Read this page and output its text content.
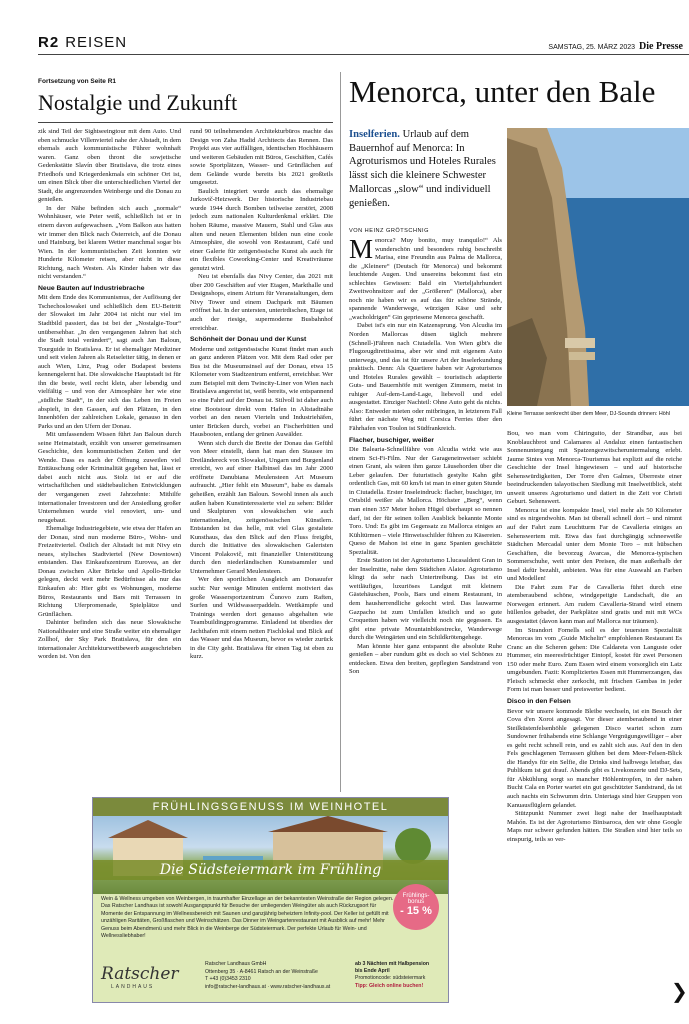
R2 REISEN	SAMSTAG, 25. MÄRZ 2023 Die Presse
Fortsetzung von Seite R1
Nostalgie und Zukunft

zik sind Teil der Sightseeingtour mit dem Auto. Und eben schmucke Villenviertel nahe der Altstadt, in dem ehemals auch kommunistische Führer wohnhaft waren. Ganz oben thront die sowjetische Gedenkstätte Slavín über Bratislava, die trotz eines Friedhofs und Kriegerdenkmals ein schöner Ort ist, um einen Blick über die unterschiedlichen Viertel der Stadt, die angrenzenden Weinberge und die Donau zu genießen.

In der Nähe befinden sich auch „normale“ Wohnhäuser, wie Peter weiß, schließlich ist er in einem davon aufgewachsen. „Vom Balkon aus hatten wir immer den Blick nach Österreich, auf die Donau und Hainburg, bei klarem Wetter manchmal sogar bis Wien. In der kommunistischen Zeit konnten wir Hunderte Kilometer reisen, aber nicht in diese Richtung, nach Westen. Als Kinder haben wir das nicht verstanden.“

Neue Bauten auf Industriebrache

Mit dem Ende des Kommunismus, der Auflösung der Tschechoslowakei und schließlich dem EU-Beitritt der Slowakei im Jahr 2004 ist nicht nur viel im Stadtbild passiert, das ist bei der „Nostalgie-Tour“ unübersehbar. „In den vergangenen Jahren hat sich die Stadt total verändert“, sagt auch Jan Baloun, Tourguide in Bratislava. Er ist ehemaliger Mediziner und seit vielen Jahren als Reiseleiter tätig, in denen er auch Wien, Linz, Prag oder Budapest bestens kennengelernt hat. Die slowakische Hauptstadt ist für ihn die beste, weil recht klein, aber lebendig und vielfältig – und von der Atmosphäre her wie eine „südliche Stadt“, in der sich das Leben im Freien abspielt, in den Gassen, auf den Plätzen, in den Innenhöfen der zahlreichen Lokale, genauso in den Parks und an den Ufern der Donau.

Mit umfassendem Wissen führt Jan Baloun durch seine Heimatstadt, erzählt von unserer gemeinsamen Geschichte, den kommunistischen Zeiten und der Wende. Dass es nach der Öffnung zuweilen viel Enttäuschung oder Kriminalität gegeben hat, lässt er dabei auch nicht aus. Stolz ist er auf die wirtschaftlichen und städtebaulichen Entwicklungen der vergangenen zwei Jahrzehnte: Mithilfe internationaler Investoren und der Ansiedlung großer Unternehmen wurde viel renoviert, um- und neugebaut.

Ehemalige Industriegebiete, wie etwa der Hafen an der Donau, sind nun moderne Büro-, Wohn- und Freizeitviertel. Östlich der Altstadt ist mit Nivy ein neues, stylisches Stadtviertel (New Downtown) entstanden. Das Einkaufszentrum Eurovea, an der Donau zwischen Alter Brücke und Apollo-Brücke gelegen, deckt weit mehr Bedürfnisse als nur das Einkaufen ab: Hier gibt es Wohnungen, moderne Büros, Restaurants und Bars mit Terrassen in Richtung Uferpromenade, Spielplätze und Grünflächen.

Dahinter befinden sich das neue Slowakische Nationaltheater und eine Straße weiter ein ehemaliger Zollhof, der Sky Park Bratislava, für den ein internationaler Architekturwettbewerb ausgeschrieben worden ist. Von den

rund 90 teilnehmenden Architekturbüros machte das Design von Zaha Hadid Architects das Rennen. Das Projekt aus vier auffälligen, identischen Hochhäusern und weiteren Gebäuden mit Büros, Geschäften, Cafés sowie Sportplätzen, Wasser- und Grünflächen auf dem Gelände wurde bereits bis 2021 großteils umgesetzt.

Baulich integriert wurde auch das ehemalige Jurkovič-Heizwerk. Der historische Industriebau wurde 1944 durch Bomben teilweise zerstört, 2008 jedoch zum nationalen Kulturdenkmal erklärt. Die hohen Räume, massive Mauern, Stahl und Glas aus alten und neuen Elementen bilden nun eine coole Atmosphäre, die sowohl von Restaurant, Café und einer Galerie für zeitgenössische Kunst als auch für ein flexibles Coworking-Center und Kreativräume genutzt wird.

Neu ist ebenfalls das Nivy Center, das 2021 mit über 200 Geschäften auf vier Etagen, Markthalle und Designshops, einem Atrium für Veranstaltungen, dem Nivy Tower und einem Dachpark mit Bäumen eröffnet hat. In der untersten, unterirdischen, Etage ist auch der riesige, supermoderne Busbahnhof erreichbar.

Schönheit der Donau und der Kunst

Moderne und zeitgenössische Kunst findet man auch an ganz anderen Plätzen vor. Mit dem Rad oder per Bus ist die Museumsinsel auf der Donau, etwa 15 Kilometer vom Stadtzentrum entfernt, erreichbar. Wer zum Beispiel mit dem Twincity-Liner von Wien nach Bratislava angereist ist, weiß bereits, wie entspannend so eine Fahrt auf der Donau ist. Stilvoll ist daher auch eine Bootstour direkt vom Hafen in Altstadtnähe vorbei an den neuen Vierteln und Industriehäfen, unter Brücken durch, vorbei an Fischerhütten und Hausbooten, entlang der grünen Auwälder.

Wenn sich durch die Breite der Donau das Gefühl von Meer einstellt, dann hat man den Stausee im Dreiländereck von Slowakei, Ungarn und Burgenland erreicht, wo auf einer Halbinsel das im Jahr 2000 eröffnete Danubiana Meulensteen Art Museum aufraucht. „Hier fehlt ein Museum“, habe es damals geheißen, erzählt Jan Baloun. Sowohl innen als auch außen haben Kunstinteressierte viel zu sehen: Bilder und Skulpturen von slowakischen wie auch internationalen, zeitgenössischen Künstlern. Entstanden ist das helle, mit viel Glas gestaltete Kunsthaus, das den Blick auf den Fluss freigibt, durch die Initiative des slowakischen Galeristen Vincent Polakovič, mit finanzieller Unterstützung durch den niederländischen Kunstsammler und Unternehmer Gerard Meulensteen.

Wer den sportlichen Ausgleich am Donauufer sucht: Nur wenige Minuten entfernt motiviert das große Wassersportzentrum Čunovo zum Raften, Surfen und Wildwasserpaddeln. Wettkämpfe und Trainings werden dort genauso abgehalten wie Teambuildingprogramme. Einladend ist überdies der Jachthafen mit einem netten Fischlokal und Blick auf das Wasser und das Museum, bevor es wieder zurück in die City geht. Bratislava für einen Tag ist eben zu kurz.

Menorca, unter den Bale
Inselferien. Urlaub auf dem Bauernhof auf Menorca: In Agroturismos und Hoteles Rurales lässt sich die kleinere Schwester Mallorcas „slow“ und individuell genießen.
VON HEINZ GRÖTSCHNIG
M enorca? Muy bonito, muy tranquilo!“ Als wunderschön und besonders ruhig beschreibt Marisa, eine Freundin aus Palma de Mallorca, die „Kleinere“ (Deutsch für Menorca) und bekommt leuchtende Augen. Und unsereins bekommt fast ein schlechtes Gewissen: Bald ein Vierteljahrhundert Zweitwohnsitzer auf der „Größeren“ (Mallorca), aber noch nie haben wir es auf das für schöne Strände, spannende Wanderwege, würzigen Käse und sehr „wacholdrigen“ Gin gepriesene Menorca geschafft.

Dabei ist's ein nur ein Katzensprung. Von Alcudia im Norden Mallorcas düsen täglich mehrere (Schnell-)Fähren nach Ciutadella. Von Wien gibt's die Flugzeugdirettissima, aber wir sind mit eigenem Auto unterwegs, und das ist für unsere Art der Inselerkundung praktisch. Denn: Als Quartiere haben wir Agroturismos und Hoteles Rurales gewählt – touristisch adaptierte Guts- und Bauernhöfe mit wenigen Zimmern, meist in ruhiger Auf-dem-Land-Lage, liebevoll und edel ausgestattet. Einziger Nachteil: Ohne Auto geht da nichts. Also: Entweder mieten oder mitbringen, in letzterem Fall führt der nächste Weg mit Corsica Ferries über den Fährhafen von Toulon ist Südfrankreich.

Flacher, buschiger, weißer

Die Balearia-Schnellfähre von Alcudia wirkt wie aus einem Sci-Fi-Film. Nur der Garageneinweiser schiebt einen Grant, als wären ihm ganze Läusehorden über die Leber gelaufen. Der futuristisch gestylte Kahn gibt ordentlich Gas, mit 60 km/h ist man in einer guten Stunde in Ciutadella. Erster Inseleindruck: flacher, buschiger, im Ortsbild weißer als Mallorca. Höchster „Berg“, wenn man einen 357 Meter hohen Hügel überhaupt so nennen darf, ist der für seinen tollen Ausblick bekannte Monte Toro. Und: Es gibt im Gegensatz zu Mallorca einiges an Kühltürmen – viele Hinweisschilder führen zu Käsereien. Queso de Mahon ist eine in ganz Spanien geschätzte Spezialität.

Erste Station ist der Agroturismo Llucasaldent Gran in der Inselmitte, nahe dem Städtchen Alaior. Agroturismo klingt da sehr nach Untertreibung. Das ist ein weitläufiges, luxuriöses Landgut mit kleinem Gästehäuschen, Pools, Bars und einem Restaurant, in dem hausherrendliche gekocht wird. Das lauwarme Gazpacho ist zum Umfallen köstlich und so gute Croquetten haben wir vielleicht noch nie gegessen. Es gibt eine private Mountainbikestrecke, Wanderwege durch die Weingärten und ein Schildkrötengehege.

Man könnte hier ganz entspannt die absolute Ruhe genießen – aber rundum gibt es doch so viel Schönes zu entdecken. Etwa den breiten, gepflegten Sandstrand von Son

Kleine Terrasse senkrecht über dem Meer, DJ-Sounds drinnen: Höhl

Bou, wo man vom Chiringuito, der Strandbar, aus bei Knoblauchbrot und Calamares al Andaluz einen fantastischen Sonnenuntergang mit Spatzengezwitscheruntermalung erlebt. Jaume Sintes von Menorca-Tourismus hat explizit auf die reiche Geschichte der Insel hingewiesen – und auf historische Sehenswürdigkeiten, Der Torre d'en Galmes, Überreste einer beeindruckenden talayotischen Siedlung mit Inselweitblick, steht unweit unseres Agroturismo und datiert in die Zeit vor Christi Geburt. Sehenswert.

Menorca ist eine kompakte Insel, viel mehr als 50 Kilometer sind es nirgendwohin. Man ist überall schnell dort – und nimmt auf der Fahrt zum Leuchtturm Far de Cavalleria einiges an Sehenswertem mit. Etwa das fast durchgängig schneeweiße Städtchen Mercadal unter dem Monte Toro – mit hübschen Geschäften, die bevorzug Avarcas, die Menorca-typischen Sommerschuhe, weit unter den Preisen, die man außerhalb der Insel dafür bezahlt, anbieten. Was für eine Auswahl an Farben und Modellen!

Die Fahrt zum Far de Cavalleria führt durch eine atemberaubend schöne, windgepeitgte Landschaft, die an Norwegen erinnert. Am rudem Cavalleria-Strand wird einem hüllenlos gebadet, der Parkplätze sind gratis und mit mit WCs ausgestattet (davon kann man auf Mallorca nur träumen).

Im Strandort Fornells soll es der teuersten Spezialität Menorcas im vom „Guide Michelin“ empfohlenen Restaurant Es Cranc an die Scheren gehen: Die Caldareta von Languste oder Hummer, ein meeresfrüchtiger Eintopf, kostet für zwei Personen 150 oder mehr Euro. Zum Essen wird einem vorsorglich ein Latz umgebunden. Fazit: Kompliziertes Essen mit Hummerzangen, das Fleisch schmeckt eher zerkocht, mit frischen Gambas in jeder Form ist man besser und preiswerter bedient.

Disco in den Felsen

Bevor wir unsere kommode Bleibe wechseln, ist ein Besuch der Cova d'en Xoroi angesagt. Vor dieser atemberaubend in einer Steilküstenfelsenhöhle gelegenen Disco wartet schon zum Sundowner frühabends eine Schlange Vergnügungswilliger – aber es geht recht schnell rein, und es zahlt sich aus. Auf den in den Fels geschlagenen Terrassen glühen bei dem Meer-Felsen-Blick die Handys für ein Selfie, die Drinks sind halbwegs leistbar, das Publikum ist gut drauf. Abends gibt es Livekonzerte und DJ-Sets, für Abkühlung sorgt so mancher Höhlentropfen, in der nahen Bucht Cala en Porter wartet ein gut geschützter Sandstrand, da ist auch nachts ein Schwumm drin. Untertags sind hier Gruppen von Kanuausflüglern gelandet.

Stützpunkt Nummer zwei liegt nahe der Inselhauptstadt Mahón. Es ist der Agroturismo Binisaroca, den wir ohne Google Maps nur schwer gefunden hätten. Die Straßen sind hier teils so einspurig, teils so ver-

FRÜHLINGSGENUSS IM WEINHOTEL
Die Südsteiermark im Frühling
Wein & Wellness umgeben von Weinbergen, in traumhafter Einzellage an der bekanntesten Weinstraße der Region gelegen. Das Ratscher Landhaus ist sowohl Ausgangspunkt für Besuche der umliegenden Weingüter als auch Rückzugsort für Momente der Entspannung im Wellnessbereich mit Saunen und ganzjährig beheiztem Infinity-pool. Der Keller ist gefüllt mit unzähligen Raritäten, Großflaschen und Weinschätzen. Das Dinner im Weingartenrestaurant mit Ausblick auf mehr! Mehr Genuss beim Abendmenü und mehr Blick in die Weinberge der Südsteiermark. Der perfekte Urlaub für Wein- und Wellnessliebhaber!
Frühlings-
bonus
- 15 %
Ratscher
LANDHAUS
Ratscher Landhaus GmbH
Ottenberg 35 · A-8461 Ratsch an der Weinstraße
T +43 (0)3453 2310
info@ratscher-landhaus.at · www.ratscher-landhaus.at
ab 3 Nächten mit Halbpension
bis Ende April
Promotioncode: südsteiermark
Tipp: Gleich online buchen!	❯
